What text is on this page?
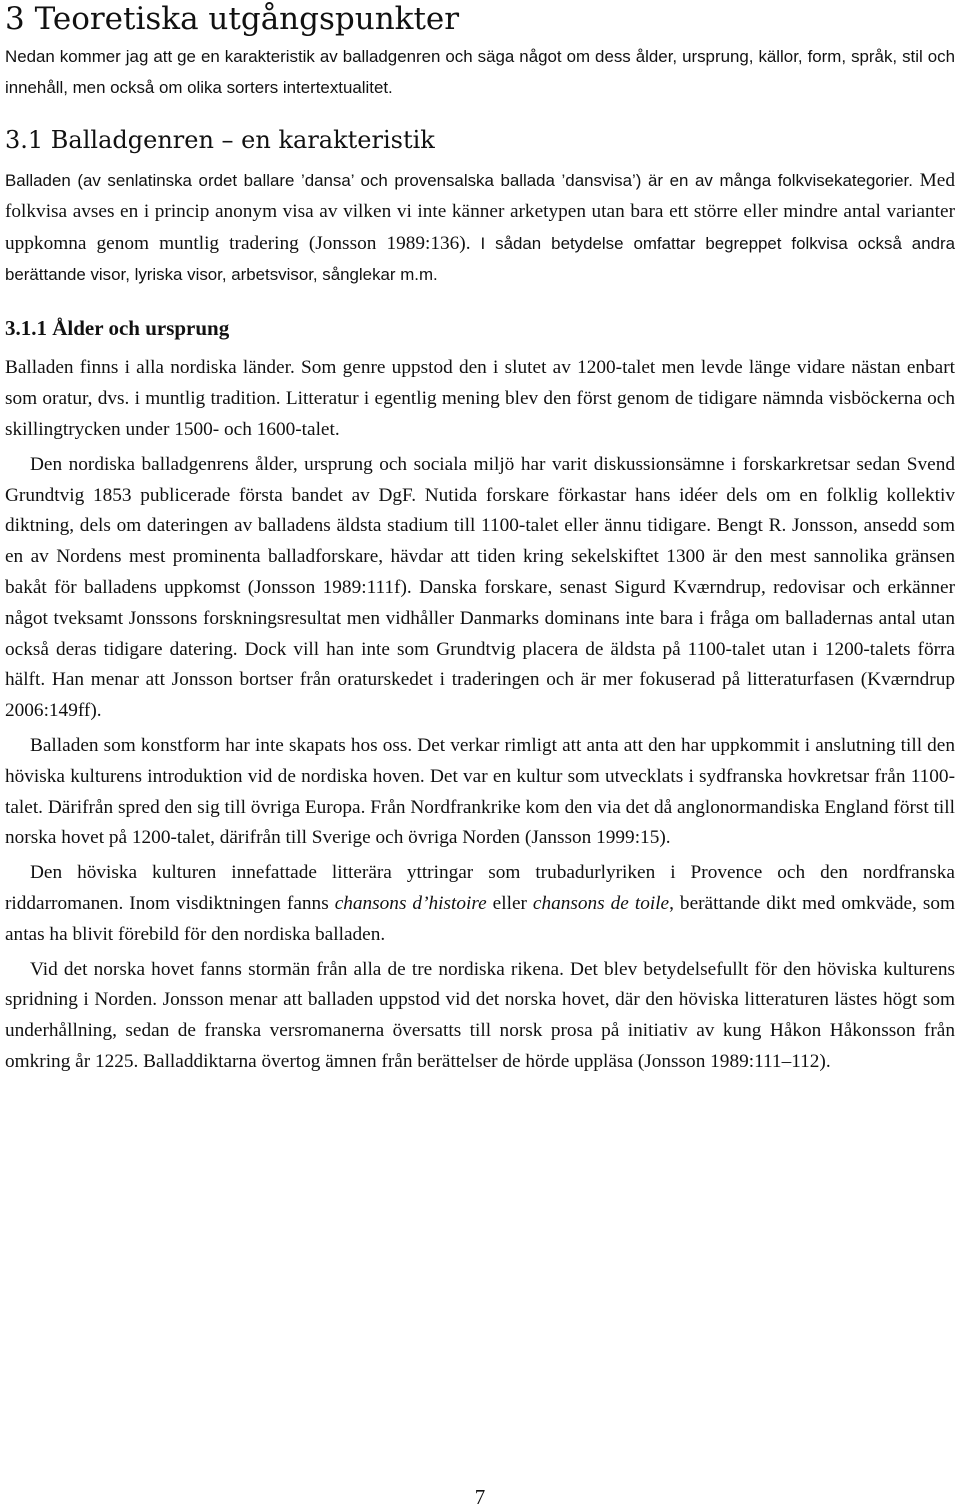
3 Teoretiska utgångspunkter

Nedan kommer jag att ge en karakteristik av balladgenren och säga något om dess ålder, ursprung, källor, form, språk, stil och innehåll, men också om olika sorters intertextualitet.

3.1 Balladgenren – en karakteristik

Balladen (av senlatinska ordet ballare ’dansa’ och provensalska ballada ’dansvisa’) är en av många folkvisekategorier. Med folkvisa avses en i princip anonym visa av vilken vi inte känner arketypen utan bara ett större eller mindre antal varianter uppkomna genom muntlig tradering (Jonsson 1989:136). I sådan betydelse omfattar begreppet folkvisa också andra berättande visor, lyriska visor, arbetsvisor, sånglekar m.m.

3.1.1 Ålder och ursprung

Balladen finns i alla nordiska länder. Som genre uppstod den i slutet av 1200-talet men levde länge vidare nästan enbart som oratur, dvs. i muntlig tradition. Litteratur i egentlig mening blev den först genom de tidigare nämnda visböckerna och skillingtrycken under 1500- och 1600-talet.

Den nordiska balladgenrens ålder, ursprung och sociala miljö har varit diskussionsämne i forskarkretsar sedan Svend Grundtvig 1853 publicerade första bandet av DgF. Nutida forskare förkastar hans idéer dels om en folklig kollektiv diktning, dels om dateringen av balladens äldsta stadium till 1100-talet eller ännu tidigare. Bengt R. Jonsson, ansedd som en av Nordens mest prominenta balladforskare, hävdar att tiden kring sekelskiftet 1300 är den mest sannolika gränsen bakåt för balladens uppkomst (Jonsson 1989:111f). Danska forskare, senast Sigurd Kværndrup, redovisar och erkänner något tveksamt Jonssons forskningsresultat men vidhåller Danmarks dominans inte bara i fråga om balladernas antal utan också deras tidigare datering. Dock vill han inte som Grundtvig placera de äldsta på 1100-talet utan i 1200-talets förra hälft. Han menar att Jonsson bortser från oraturskedet i traderingen och är mer fokuserad på litteraturfasen (Kværndrup 2006:149ff).

Balladen som konstform har inte skapats hos oss. Det verkar rimligt att anta att den har uppkommit i anslutning till den höviska kulturens introduktion vid de nordiska hoven. Det var en kultur som utvecklats i sydfranska hovkretsar från 1100-talet. Därifrån spred den sig till övriga Europa. Från Nordfrankrike kom den via det då anglonormandiska England först till norska hovet på 1200-talet, därifrån till Sverige och övriga Norden (Jansson 1999:15).

Den höviska kulturen innefattade litterära yttringar som trubadurlyriken i Provence och den nordfranska riddarromanen. Inom visdiktningen fanns chansons d’histoire eller chansons de toile, berättande dikt med omkväde, som antas ha blivit förebild för den nordiska balladen.

Vid det norska hovet fanns stormän från alla de tre nordiska rikena. Det blev betydelsefullt för den höviska kulturens spridning i Norden. Jonsson menar att balladen uppstod vid det norska hovet, där den höviska litteraturen lästes högt som underhållning, sedan de franska versromanerna översatts till norsk prosa på initiativ av kung Håkon Håkonsson från omkring år 1225. Balladdiktarna övertog ämnen från berättelser de hörde uppläsa (Jonsson 1989:111–112).

7
